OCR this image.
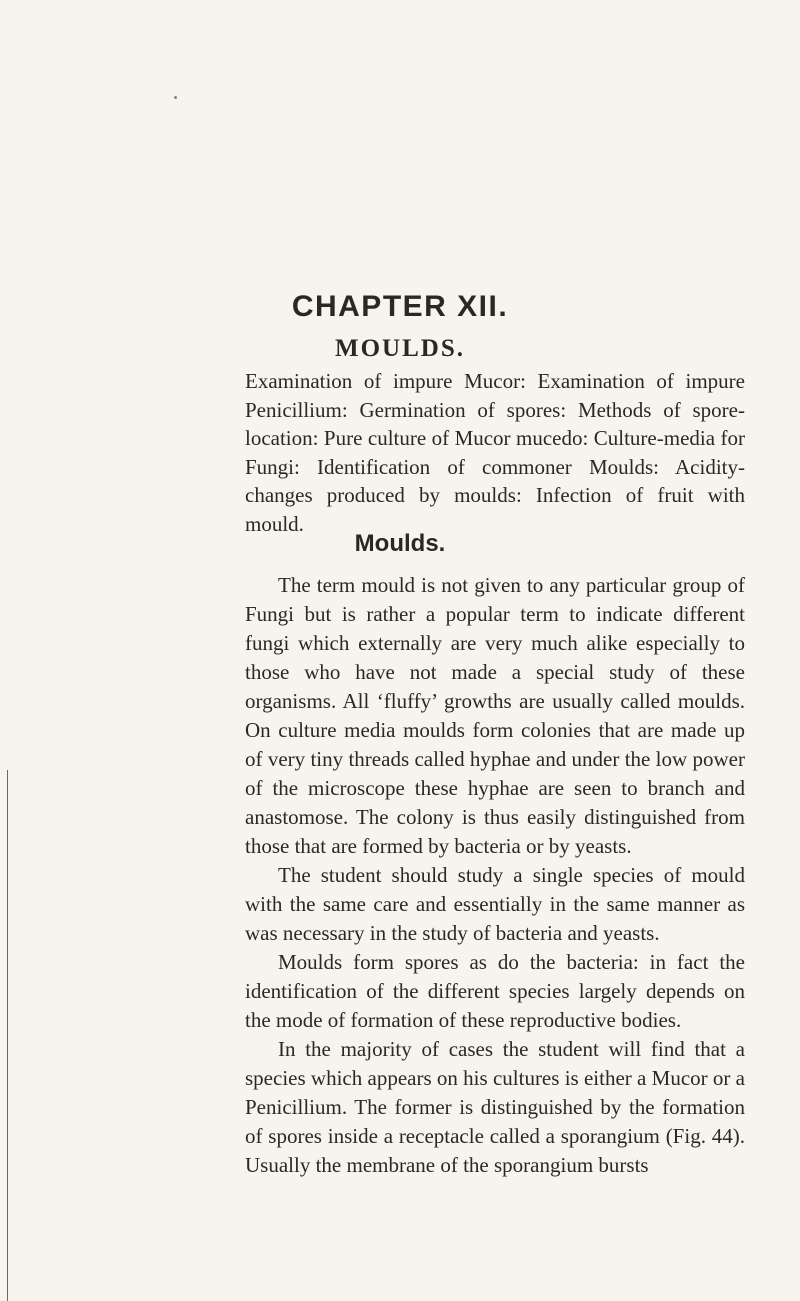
CHAPTER XII.
MOULDS.

Examination of impure Mucor: Examination of impure Penicillium: Germination of spores: Methods of spore-location: Pure culture of Mucor mucedo: Culture-media for Fungi: Identification of commoner Moulds: Acidity-changes produced by moulds: Infection of fruit with mould.

Moulds.

The term mould is not given to any particular group of Fungi but is rather a popular term to indicate different fungi which externally are very much alike especially to those who have not made a special study of these organisms. All ‘fluffy’ growths are usually called moulds. On culture media moulds form colonies that are made up of very tiny threads called hyphae and under the low power of the microscope these hyphae are seen to branch and anastomose. The colony is thus easily distinguished from those that are formed by bacteria or by yeasts.

The student should study a single species of mould with the same care and essentially in the same manner as was necessary in the study of bacteria and yeasts.

Moulds form spores as do the bacteria: in fact the identification of the different species largely depends on the mode of formation of these reproductive bodies.

In the majority of cases the student will find that a species which appears on his cultures is either a Mucor or a Penicillium. The former is distinguished by the formation of spores inside a receptacle called a sporangium (Fig. 44). Usually the membrane of the sporangium bursts
